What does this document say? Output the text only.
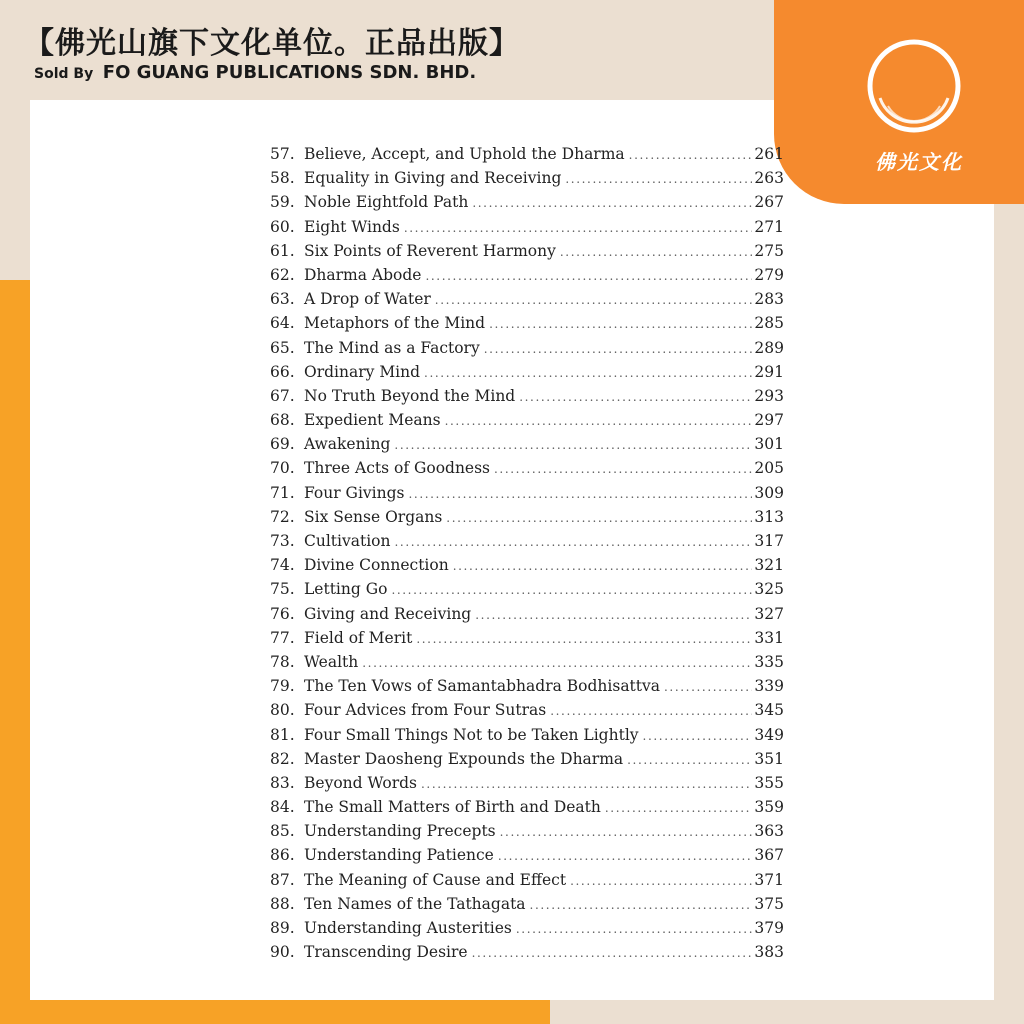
【佛光山旗下文化单位。正品出版】
Sold By FO GUANG PUBLICATIONS SDN. BHD.
佛光文化
57. Believe, Accept, and Uphold the Dharma .....	261
58. Equality in Giving and Receiving .....	263
59. Noble Eightfold Path .....	267
60. Eight Winds .....	271
61. Six Points of Reverent Harmony .....	275
62. Dharma Abode .....	279
63. A Drop of Water .....	283
64. Metaphors of the Mind .....	285
65. The Mind as a Factory .....	289
66. Ordinary Mind .....	291
67. No Truth Beyond the Mind .....	293
68. Expedient Means .....	297
69. Awakening .....	301
70. Three Acts of Goodness .....	205
71. Four Givings .....	309
72. Six Sense Organs .....	313
73. Cultivation .....	317
74. Divine Connection .....	321
75. Letting Go .....	325
76. Giving and Receiving .....	327
77. Field of Merit .....	331
78. Wealth .....	335
79. The Ten Vows of Samantabhadra Bodhisattva .....	339
80. Four Advices from Four Sutras .....	345
81. Four Small Things Not to be Taken Lightly .....	349
82. Master Daosheng Expounds the Dharma .....	351
83. Beyond Words .....	355
84. The Small Matters of Birth and Death .....	359
85. Understanding Precepts .....	363
86. Understanding Patience .....	367
87. The Meaning of Cause and Effect .....	371
88. Ten Names of the Tathagata .....	375
89. Understanding Austerities .....	379
90. Transcending Desire .....	383
